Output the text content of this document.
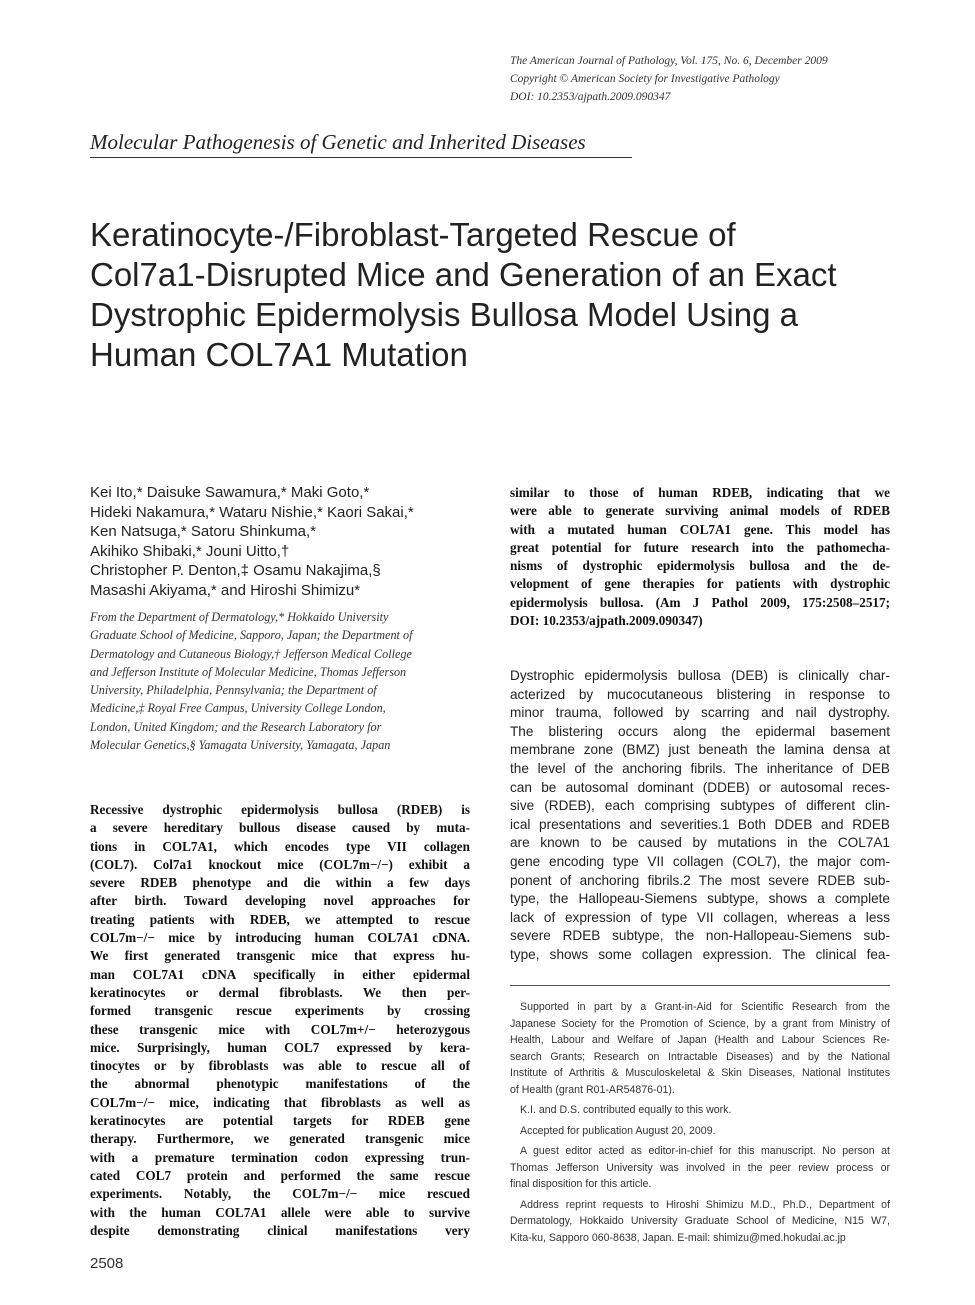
The American Journal of Pathology, Vol. 175, No. 6, December 2009
Copyright © American Society for Investigative Pathology
DOI: 10.2353/ajpath.2009.090347
Molecular Pathogenesis of Genetic and Inherited Diseases
Keratinocyte-/Fibroblast-Targeted Rescue of
Col7a1-Disrupted Mice and Generation of an Exact
Dystrophic Epidermolysis Bullosa Model Using a
Human COL7A1 Mutation
Kei Ito,* Daisuke Sawamura,* Maki Goto,*
Hideki Nakamura,* Wataru Nishie,* Kaori Sakai,*
Ken Natsuga,* Satoru Shinkuma,*
Akihiko Shibaki,* Jouni Uitto,†
Christopher P. Denton,‡ Osamu Nakajima,§
Masashi Akiyama,* and Hiroshi Shimizu*
From the Department of Dermatology,* Hokkaido University
Graduate School of Medicine, Sapporo, Japan; the Department of
Dermatology and Cutaneous Biology,† Jefferson Medical College
and Jefferson Institute of Molecular Medicine, Thomas Jefferson
University, Philadelphia, Pennsylvania; the Department of
Medicine,‡ Royal Free Campus, University College London,
London, United Kingdom; and the Research Laboratory for
Molecular Genetics,§ Yamagata University, Yamagata, Japan
Recessive dystrophic epidermolysis bullosa (RDEB) is
a severe hereditary bullous disease caused by muta-
tions in COL7A1, which encodes type VII collagen
(COL7). Col7a1 knockout mice (COL7m−/−) exhibit a
severe RDEB phenotype and die within a few days
after birth. Toward developing novel approaches for
treating patients with RDEB, we attempted to rescue
COL7m−/− mice by introducing human COL7A1 cDNA.
We first generated transgenic mice that express hu-
man COL7A1 cDNA specifically in either epidermal
keratinocytes or dermal fibroblasts. We then per-
formed transgenic rescue experiments by crossing
these transgenic mice with COL7m+/− heterozygous
mice. Surprisingly, human COL7 expressed by kera-
tinocytes or by fibroblasts was able to rescue all of
the abnormal phenotypic manifestations of the
COL7m−/− mice, indicating that fibroblasts as well as
keratinocytes are potential targets for RDEB gene
therapy. Furthermore, we generated transgenic mice
with a premature termination codon expressing trun-
cated COL7 protein and performed the same rescue
experiments. Notably, the COL7m−/− mice rescued
with the human COL7A1 allele were able to survive
despite demonstrating clinical manifestations very
similar to those of human RDEB, indicating that we
were able to generate surviving animal models of RDEB
with a mutated human COL7A1 gene. This model has
great potential for future research into the pathomecha-
nisms of dystrophic epidermolysis bullosa and the de-
velopment of gene therapies for patients with dystrophic
epidermolysis bullosa. (Am J Pathol 2009, 175:2508–2517;
DOI: 10.2353/ajpath.2009.090347)
Dystrophic epidermolysis bullosa (DEB) is clinically char-
acterized by mucocutaneous blistering in response to
minor trauma, followed by scarring and nail dystrophy.
The blistering occurs along the epidermal basement
membrane zone (BMZ) just beneath the lamina densa at
the level of the anchoring fibrils. The inheritance of DEB
can be autosomal dominant (DDEB) or autosomal reces-
sive (RDEB), each comprising subtypes of different clin-
ical presentations and severities.1 Both DDEB and RDEB
are known to be caused by mutations in the COL7A1
gene encoding type VII collagen (COL7), the major com-
ponent of anchoring fibrils.2 The most severe RDEB sub-
type, the Hallopeau-Siemens subtype, shows a complete
lack of expression of type VII collagen, whereas a less
severe RDEB subtype, the non-Hallopeau-Siemens sub-
type, shows some collagen expression. The clinical fea-

Supported in part by a Grant-in-Aid for Scientific Research from the
Japanese Society for the Promotion of Science, by a grant from Ministry of
Health, Labour and Welfare of Japan (Health and Labour Sciences Re-
search Grants; Research on Intractable Diseases) and by the National
Institute of Arthritis & Musculoskeletal & Skin Diseases, National Institutes
of Health (grant R01-AR54876-01).

K.I. and D.S. contributed equally to this work.

Accepted for publication August 20, 2009.

A guest editor acted as editor-in-chief for this manuscript. No person at
Thomas Jefferson University was involved in the peer review process or
final disposition for this article.

Address reprint requests to Hiroshi Shimizu M.D., Ph.D., Department of
Dermatology, Hokkaido University Graduate School of Medicine, N15 W7,
Kita-ku, Sapporo 060-8638, Japan. E-mail: shimizu@med.hokudai.ac.jp

2508
